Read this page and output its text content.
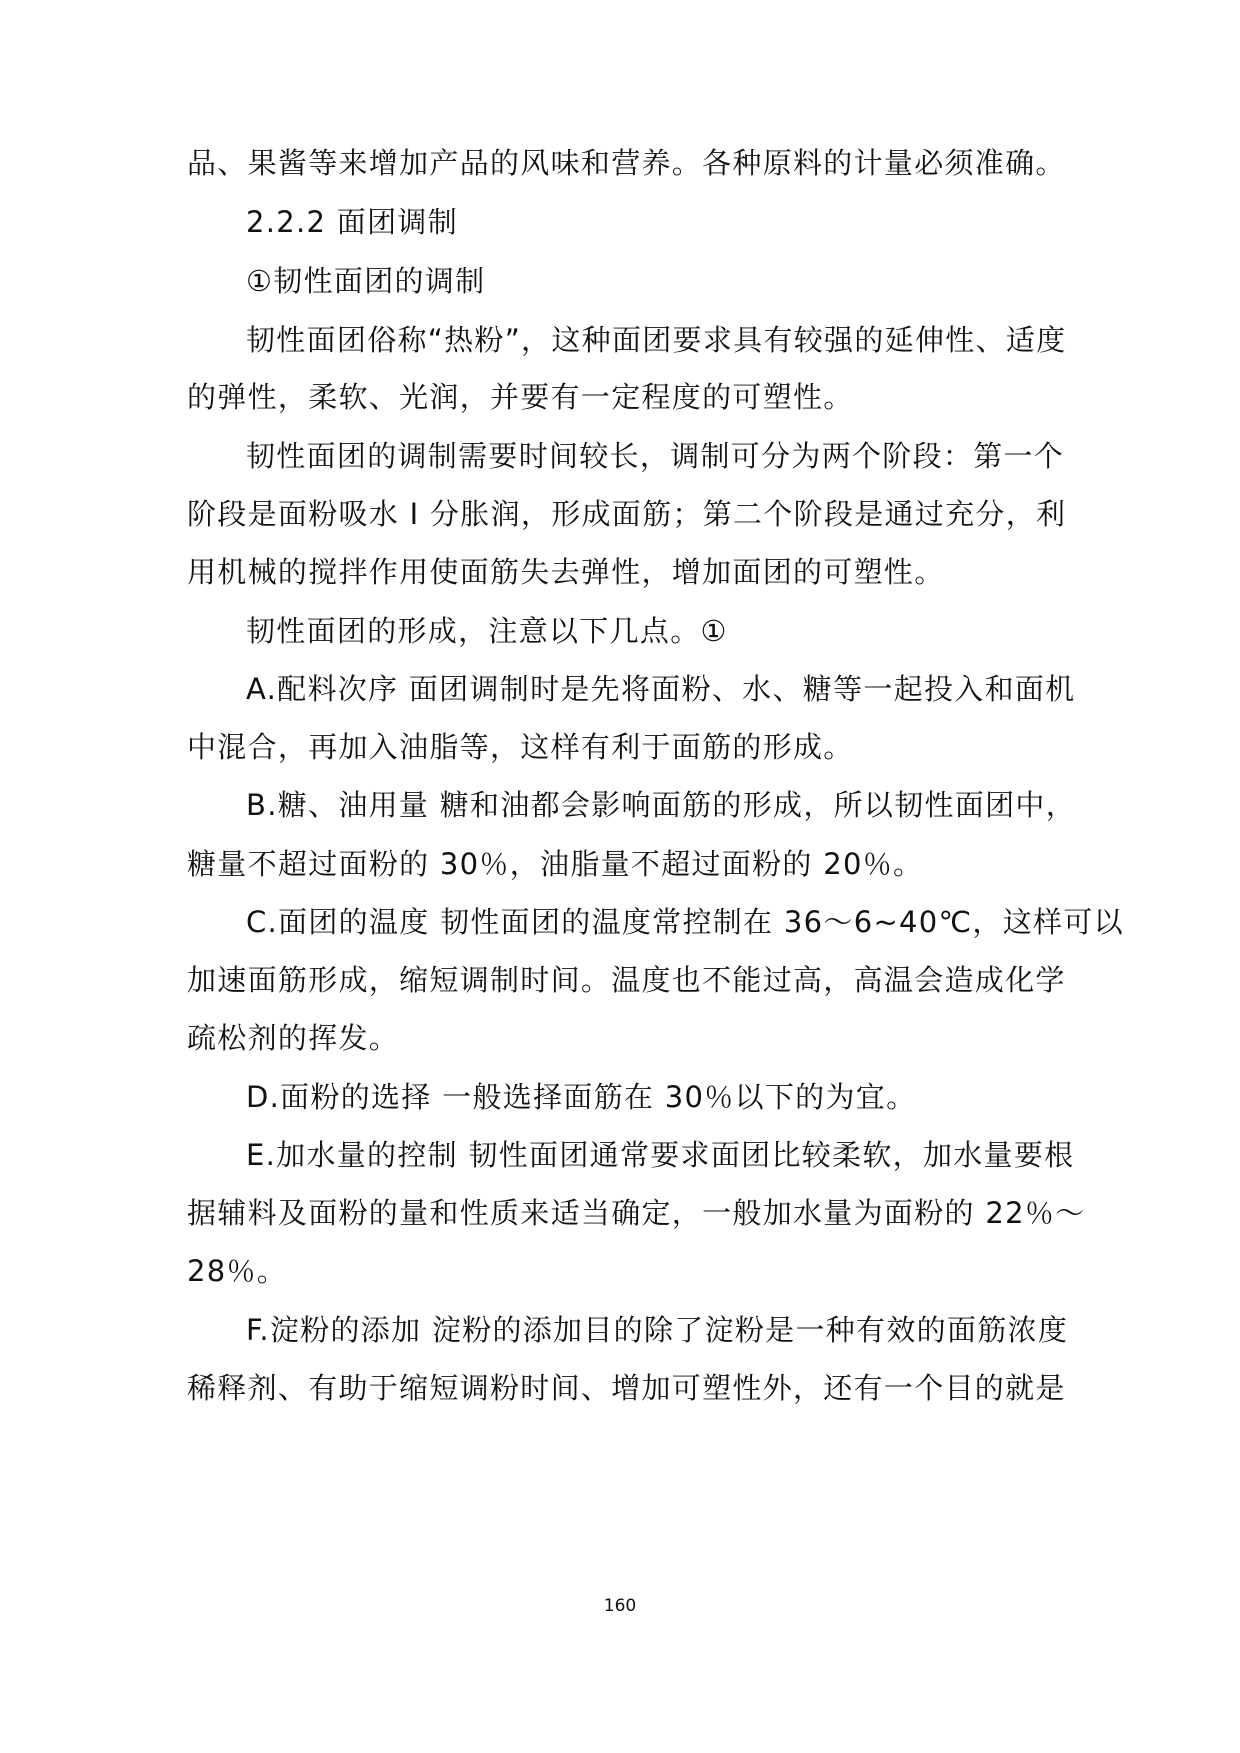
品、果酱等来增加产品的风味和营养。各种原料的计量必须准确。
2.2.2 面团调制
①韧性面团的调制
韧性面团俗称“热粉”，这种面团要求具有较强的延伸性、适度
的弹性，柔软、光润，并要有一定程度的可塑性。
韧性面团的调制需要时间较长，调制可分为两个阶段：第一个
阶段是面粉吸水 I 分胀润，形成面筋；第二个阶段是通过充分，利
用机械的搅拌作用使面筋失去弹性，增加面团的可塑性。
韧性面团的形成，注意以下几点。①
A.配料次序 面团调制时是先将面粉、水、糖等一起投入和面机
中混合，再加入油脂等，这样有利于面筋的形成。
B.糖、油用量 糖和油都会影响面筋的形成，所以韧性面团中，
糖量不超过面粉的 30％，油脂量不超过面粉的 20％。
C.面团的温度 韧性面团的温度常控制在 36～6~40℃，这样可以
加速面筋形成，缩短调制时间。温度也不能过高，高温会造成化学
疏松剂的挥发。
D.面粉的选择 一般选择面筋在 30％以下的为宜。
E.加水量的控制 韧性面团通常要求面团比较柔软，加水量要根
据辅料及面粉的量和性质来适当确定，一般加水量为面粉的 22％～
28％。
F.淀粉的添加 淀粉的添加目的除了淀粉是一种有效的面筋浓度
稀释剂、有助于缩短调粉时间、增加可塑性外，还有一个目的就是
160
